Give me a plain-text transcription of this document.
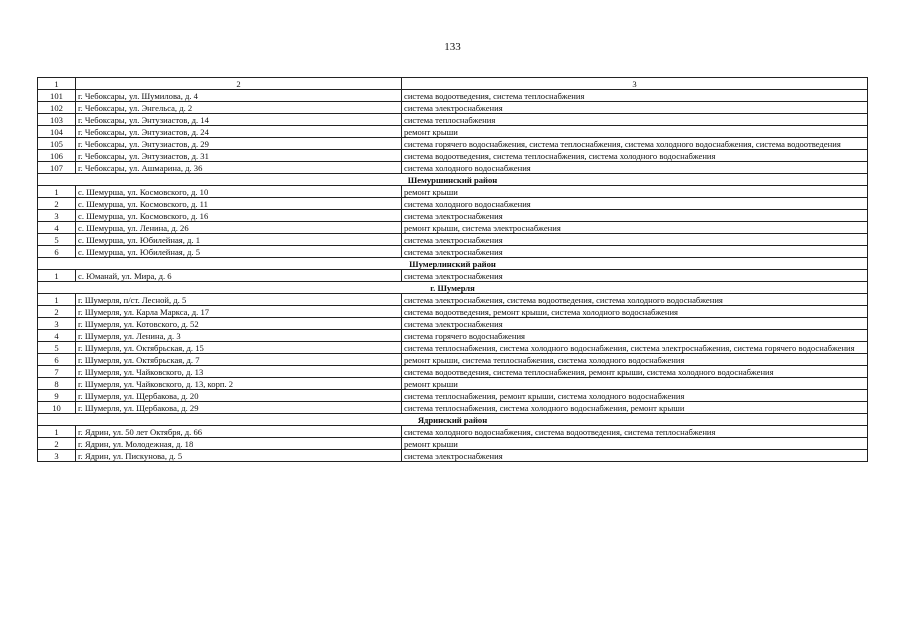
133
1	2	3
101	г. Чебоксары, ул. Шумилова, д. 4	система водоотведения, система теплоснабжения
102	г. Чебоксары, ул. Энгельса, д. 2	система электроснабжения
103	г. Чебоксары, ул. Энтузиастов, д. 14	система теплоснабжения
104	г. Чебоксары, ул. Энтузиастов, д. 24	ремонт крыши
105	г. Чебоксары, ул. Энтузиастов, д. 29	система горячего водоснабжения, система теплоснабжения, система холодного водоснабжения, система водоотведения
106	г. Чебоксары, ул. Энтузиастов, д. 31	система водоотведения, система теплоснабжения, система холодного водоснабжения
107	г. Чебоксары, ул. Ашмарина, д. 36	система холодного водоснабжения
Шемуршинский район		
1	с. Шемурша, ул. Космовского, д. 10	ремонт крыши
2	с. Шемурша, ул. Космовского, д. 11	система холодного водоснабжения
3	с. Шемурша, ул. Космовского, д. 16	система электроснабжения
4	с. Шемурша, ул. Ленина, д. 26	ремонт крыши, система электроснабжения
5	с. Шемурша, ул. Юбилейная, д. 1	система электроснабжения
6	с. Шемурша, ул. Юбилейная, д. 5	система электроснабжения
Шумерлинский район		
1	с. Юманай, ул. Мира, д. 6	система электроснабжения
г. Шумерля		
1	г. Шумерля, п/ст. Лесной, д. 5	система электроснабжения, система водоотведения, система холодного водоснабжения
2	г. Шумерля, ул. Карла Маркса, д. 17	система водоотведения, ремонт крыши, система холодного водоснабжения
3	г. Шумерля, ул. Котовского, д. 52	система электроснабжения
4	г. Шумерля, ул. Ленина, д. 3	система горячего водоснабжения
5	г. Шумерля, ул. Октябрьская, д. 15	система теплоснабжения, система холодного водоснабжения, система электроснабжения, система горячего водоснабжения
6	г. Шумерля, ул. Октябрьская, д. 7	ремонт крыши, система теплоснабжения, система холодного водоснабжения
7	г. Шумерля, ул. Чайковского, д. 13	система водоотведения, система теплоснабжения, ремонт крыши, система холодного водоснабжения
8	г. Шумерля, ул. Чайковского, д. 13, корп. 2	ремонт крыши
9	г. Шумерля, ул. Щербакова, д. 20	система теплоснабжения, ремонт крыши, система холодного водоснабжения
10	г. Шумерля, ул. Щербакова, д. 29	система теплоснабжения, система холодного водоснабжения, ремонт крыши
Ядринский район		
1	г. Ядрин, ул. 50 лет Октября, д. 66	система холодного водоснабжения, система водоотведения, система теплоснабжения
2	г. Ядрин, ул. Молодежная, д. 18	ремонт крыши
3	г. Ядрин, ул. Пискунова, д. 5	система электроснабжения
